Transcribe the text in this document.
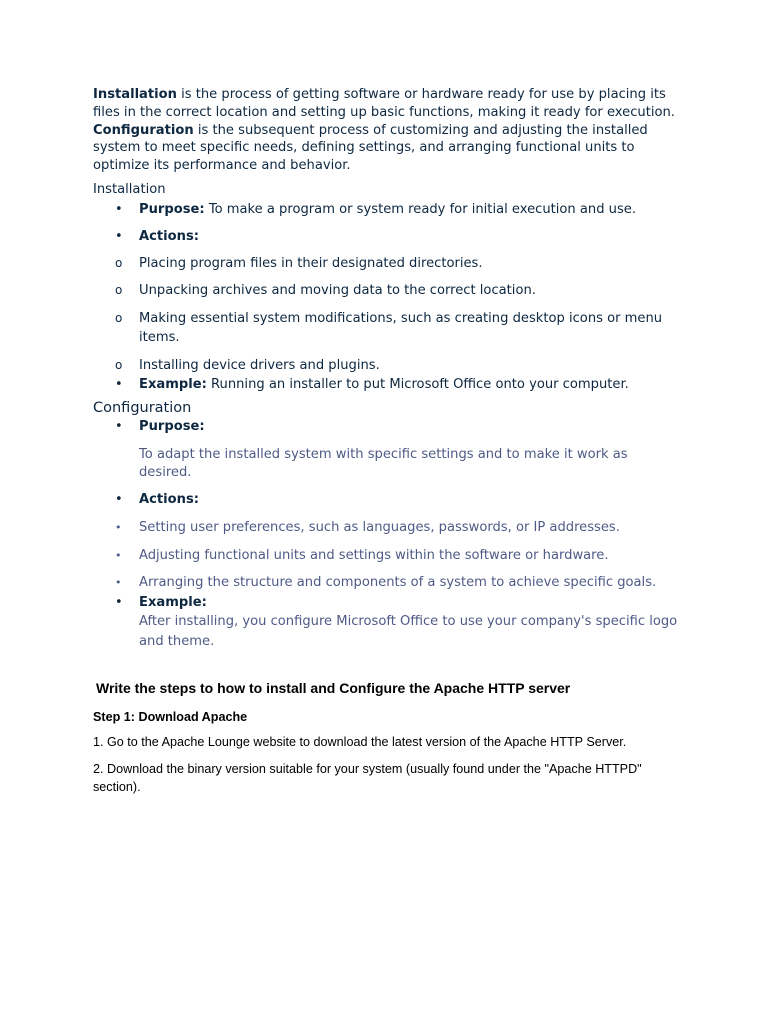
Installation is the process of getting software or hardware ready for use by placing its files in the correct location and setting up basic functions, making it ready for execution. Configuration is the subsequent process of customizing and adjusting the installed system to meet specific needs, defining settings, and arranging functional units to optimize its performance and behavior.

Installation
• Purpose: To make a program or system ready for initial execution and use.
• Actions:
o Placing program files in their designated directories.
o Unpacking archives and moving data to the correct location.
o Making essential system modifications, such as creating desktop icons or menu items.
o Installing device drivers and plugins.
• Example: Running an installer to put Microsoft Office onto your computer.
Configuration
• Purpose:
To adapt the installed system with specific settings and to make it work as desired.
• Actions:
• Setting user preferences, such as languages, passwords, or IP addresses.
• Adjusting functional units and settings within the software or hardware.
• Arranging the structure and components of a system to achieve specific goals.
• Example:
After installing, you configure Microsoft Office to use your company's specific logo and theme.
Write the steps to how to install and Configure the Apache HTTP server
Step 1: Download Apache
1. Go to the Apache Lounge website to download the latest version of the Apache HTTP Server.
2. Download the binary version suitable for your system (usually found under the "Apache HTTPD" section).
